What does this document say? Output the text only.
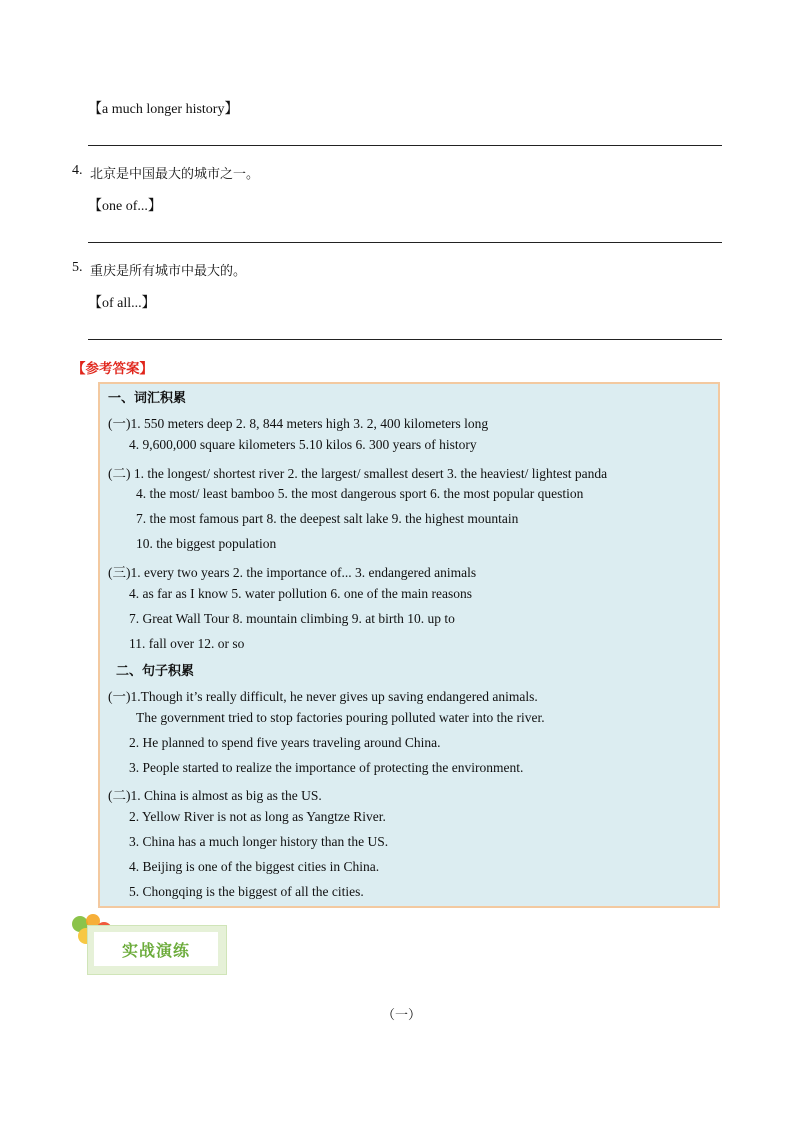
【a much longer history】
4. 北京是中国最大的城市之一。
【one of...】
5. 重庆是所有城市中最大的。
【of all...】
【参考答案】
一、词汇积累
(一)1. 550 meters deep 2. 8, 844 meters high 3. 2, 400 kilometers long
4. 9,600,000 square kilometers 5.10 kilos 6. 300 years of history
(二) 1. the longest/ shortest river 2. the largest/ smallest desert 3. the heaviest/ lightest panda
4. the most/ least bamboo 5. the most dangerous sport 6. the most popular question
7. the most famous part 8. the deepest salt lake 9. the highest mountain
10. the biggest population
(三)1. every two years 2. the importance of... 3. endangered animals
4. as far as I know 5. water pollution 6. one of the main reasons
7. Great Wall Tour 8. mountain climbing 9. at birth 10. up to
11. fall over 12. or so
二、句子积累
(一)1.Though it’s really difficult, he never gives up saving endangered animals.
The government tried to stop factories pouring polluted water into the river.
2. He planned to spend five years traveling around China.
3. People started to realize the importance of protecting the environment.
(二)1. China is almost as big as the US.
2. Yellow River is not as long as Yangtze River.
3. China has a much longer history than the US.
4. Beijing is one of the biggest cities in China.
5. Chongqing is the biggest of all the cities.
实战演练
（一）
